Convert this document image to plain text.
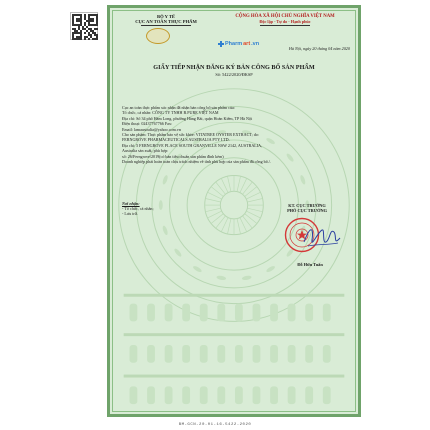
BỘ Y TẾ
CỤC AN TOÀN THỰC PHẨM
CỘNG HÒA XÃ HỘI CHỦ NGHĨA VIỆT NAM
Độc lập - Tự do - Hạnh phúc
Pharm art .vn
Hà Nội, ngày 20 tháng 04 năm 2020
GIẤY TIẾP NHẬN ĐĂNG KÝ BẢN CÔNG BỐ SẢN PHẨM
Số: 5422/2020/ĐKSP
Cục an toàn thực phẩm xác nhận đã nhận bản công bố sản phẩm của:
Tổ chức, cá nhân: CÔNG TY TNHH B.PURE VIỆT NAM
Địa chỉ: Số 34 phố Hàm Long, phường Hàng Bài, quận Hoàn Kiếm, TP Hà Nội
Điện thoại: 02437767766 Fax:
Email: lamaustralia@yahoo.com.vn
Cho sản phẩm: Thực phẩm bảo vệ sức khỏe: VITATREE OYSTER EXTRACT; do:
FERNGROVE PHARMACEUTICALS AUSTRALIA PTY LTD.
Địa chỉ: 5 FERNGROVE PLACE SOUTH GRANVILLE NSW 2142, AUSTRALIA,
Australia sản xuất, phù hợp:
số: 26/Ferngrove/2019(có bản tiêu chuẩn sản phẩm đính kèm)
Doanh nghiệp phải hoàn toàn chịu trách nhiệm về tính phù hợp của sản phẩm đã công bố./.
Nơi nhận:
- Tổ chức, cá nhân;
- Lưu trữ.
KT. CỤC TRƯỞNG
PHÓ CỤC TRƯỞNG
Đỗ Hữu Tuấn
BM-GCN-20-01-16-5422-2020
